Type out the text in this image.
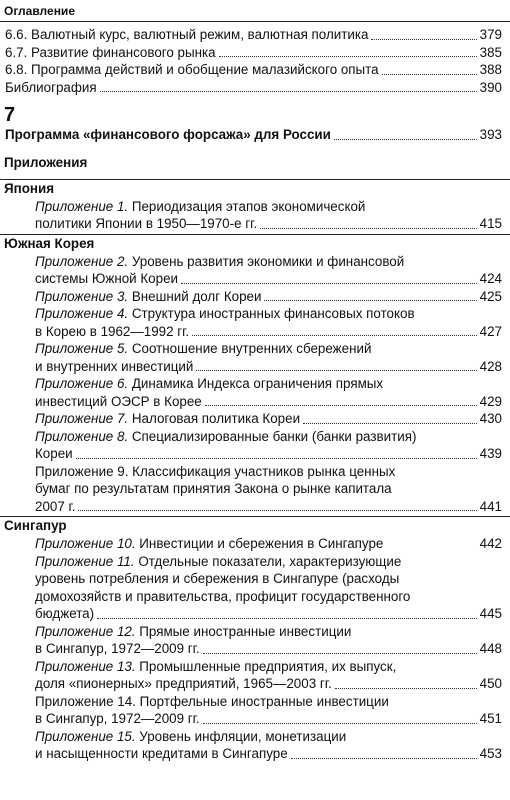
Оглавление
6.6. Валютный курс, валютный режим, валютная политика	379
6.7. Развитие финансового рынка	385
6.8. Программа действий и обобщение малазийского опыта	388
Библиография	390
7
Программа «финансового форсажа» для России	393
Приложения
Япония
Приложение 1. Периодизация этапов экономической
политики Японии в 1950—1970-е гг.	415
Южная Корея
Приложение 2. Уровень развития экономики и финансовой
системы Южной Кореи	424
Приложение 3. Внешний долг Кореи	425
Приложение 4. Структура иностранных финансовых потоков
в Корею в 1962—1992 гг.	427
Приложение 5. Соотношение внутренних сбережений
и внутренних инвестиций	428
Приложение 6. Динамика Индекса ограничения прямых
инвестиций ОЭСР в Корее	429
Приложение 7. Налоговая политика Кореи	430
Приложение 8. Специализированные банки (банки развития)
Кореи	439
Приложение 9. Классификация участников рынка ценных
бумаг по результатам принятия Закона о рынке капитала
2007 г.	441
Сингапур
Приложение 10. Инвестиции и сбережения в Сингапуре	442
Приложение 11. Отдельные показатели, характеризующие
уровень потребления и сбережения в Сингапуре (расходы
домохозяйств и правительства, профицит государственного
бюджета)	445
Приложение 12. Прямые иностранные инвестиции
в Сингапур, 1972—2009 гг.	448
Приложение 13. Промышленные предприятия, их выпуск,
доля «пионерных» предприятий, 1965—2003 гг.	450
Приложение 14. Портфельные иностранные инвестиции
в Сингапур, 1972—2009 гг.	451
Приложение 15. Уровень инфляции, монетизации
и насыщенности кредитами в Сингапуре	453
